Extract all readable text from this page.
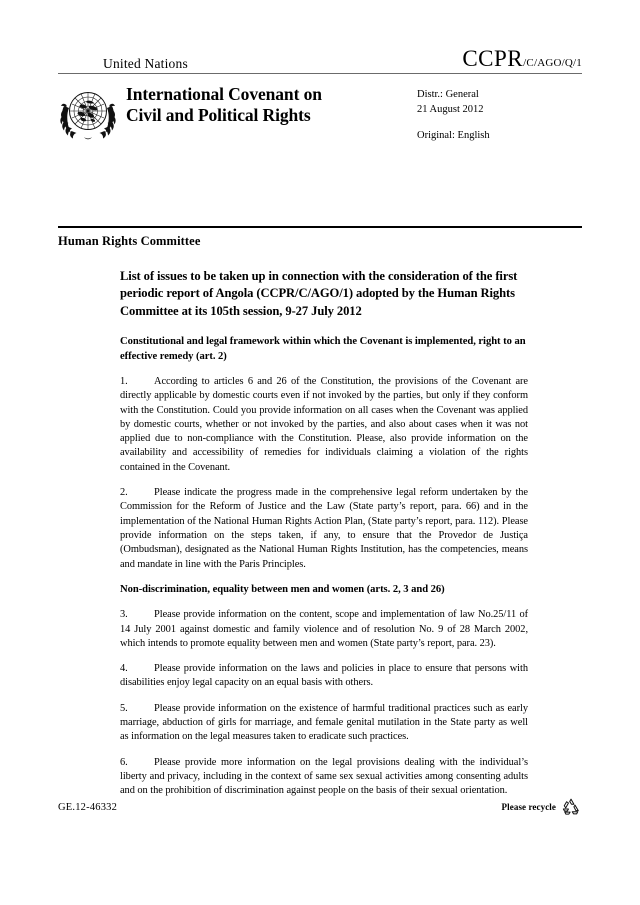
United Nations	CCPR/C/AGO/Q/1
International Covenant on
Civil and Political Rights
Distr.: General
21 August 2012
Original: English
Human Rights Committee
List of issues to be taken up in connection with the consideration of the first periodic report of Angola (CCPR/C/AGO/1) adopted by the Human Rights Committee at its 105th session, 9-27 July 2012
Constitutional and legal framework within which the Covenant is implemented, right to an effective remedy (art. 2)
1.	According to articles 6 and 26 of the Constitution, the provisions of the Covenant are directly applicable by domestic courts even if not invoked by the parties, but only if they conform with the Constitution. Could you provide information on all cases when the Covenant was applied by domestic courts, whether or not invoked by the parties, and also about cases when it was not applied due to non-compliance with the Constitution. Please, also provide information on the availability and accessibility of remedies for individuals claiming a violation of the rights contained in the Covenant.
2.	Please indicate the progress made in the comprehensive legal reform undertaken by the Commission for the Reform of Justice and the Law (State party’s report, para. 66) and in the implementation of the National Human Rights Action Plan, (State party’s report, para. 112). Please provide information on the steps taken, if any, to ensure that the Provedor de Justiça (Ombudsman), designated as the National Human Rights Institution, has the competencies, means and mandate in line with the Paris Principles.
Non-discrimination, equality between men and women (arts. 2, 3 and 26)
3.	Please provide information on the content, scope and implementation of law No.25/11 of 14 July 2001 against domestic and family violence and of resolution No. 9 of 28 March 2002, which intends to promote equality between men and women (State party’s report, para. 23).
4.	Please provide information on the laws and policies in place to ensure that persons with disabilities enjoy legal capacity on an equal basis with others.
5.	Please provide information on the existence of harmful traditional practices such as early marriage, abduction of girls for marriage, and female genital mutilation in the State party as well as information on the legal measures taken to eradicate such practices.
6.	Please provide more information on the legal provisions dealing with the individual’s liberty and privacy, including in the context of same sex sexual activities among consenting adults and on the prohibition of discrimination against people on the basis of their sexual orientation.
GE.12-46332	Please recycle
